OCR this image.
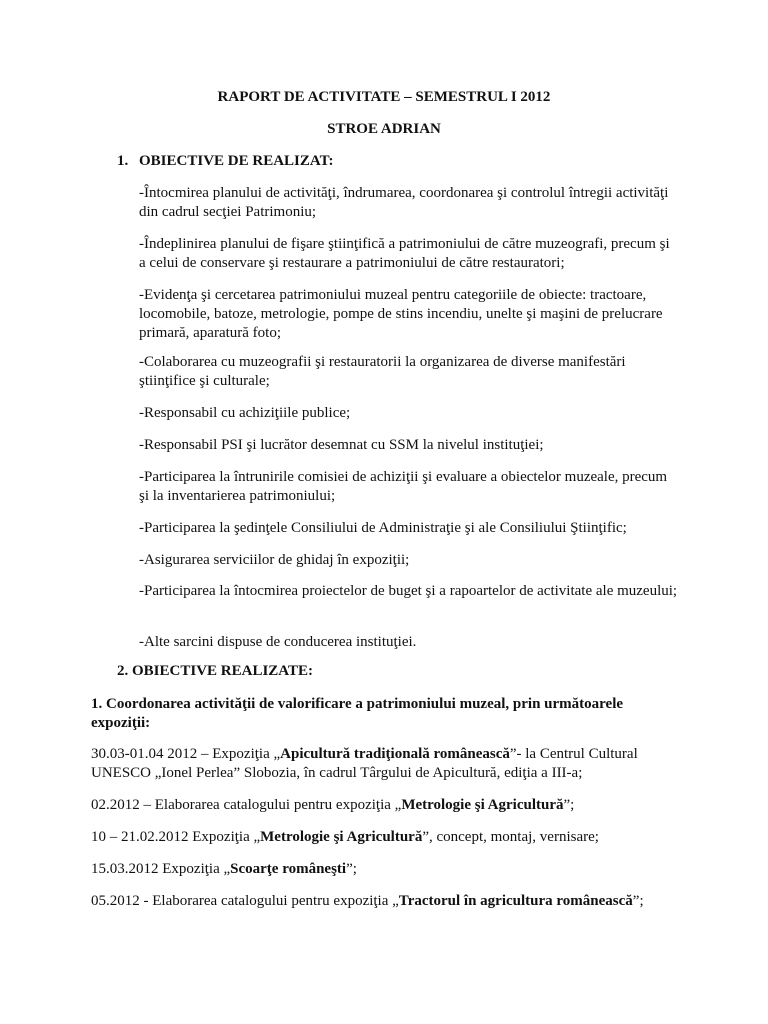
RAPORT DE ACTIVITATE – SEMESTRUL I 2012
STROE ADRIAN
1. OBIECTIVE DE REALIZAT:
-Întocmirea planului de activităţi, îndrumarea, coordonarea şi controlul întregii activităţi din cadrul secţiei Patrimoniu;
-Îndeplinirea planului de fişare ştiinţifică a patrimoniului de către muzeografi, precum şi a celui de conservare şi restaurare a patrimoniului de către restauratori;
-Evidenţa şi cercetarea patrimoniului muzeal pentru categoriile de obiecte: tractoare, locomobile, batoze, metrologie, pompe de stins incendiu, unelte şi maşini de prelucrare primară, aparatură foto;
-Colaborarea cu muzeografii şi restauratorii la organizarea de diverse manifestări ştiinţifice şi culturale;
-Responsabil cu achiziţiile publice;
-Responsabil PSI şi lucrător desemnat cu SSM la nivelul instituţiei;
-Participarea la întrunirile comisiei de achiziţii şi evaluare a obiectelor muzeale, precum şi la inventarierea patrimoniului;
-Participarea la şedinţele Consiliului de Administraţie şi ale Consiliului Ştiinţific;
-Asigurarea serviciilor de ghidaj în expoziţii;
-Participarea la întocmirea proiectelor de buget şi a rapoartelor de activitate ale muzeului;
-Alte sarcini dispuse de conducerea instituţiei.
2. OBIECTIVE REALIZATE:
1. Coordonarea activităţii de valorificare a patrimoniului muzeal, prin următoarele expoziţii:
30.03-01.04 2012 – Expoziţia „Apicultură tradiţională românească”- la Centrul Cultural UNESCO „Ionel Perlea” Slobozia, în cadrul Târgului de Apicultură, ediţia a III-a;
02.2012 – Elaborarea catalogului pentru expoziţia „Metrologie şi Agricultură”;
10 – 21.02.2012 Expoziţia „Metrologie şi Agricultură”, concept, montaj, vernisare;
15.03.2012 Expoziţia „Scoarţe româneşti”;
05.2012 - Elaborarea catalogului pentru expoziţia „Tractorul în agricultura românească”;
